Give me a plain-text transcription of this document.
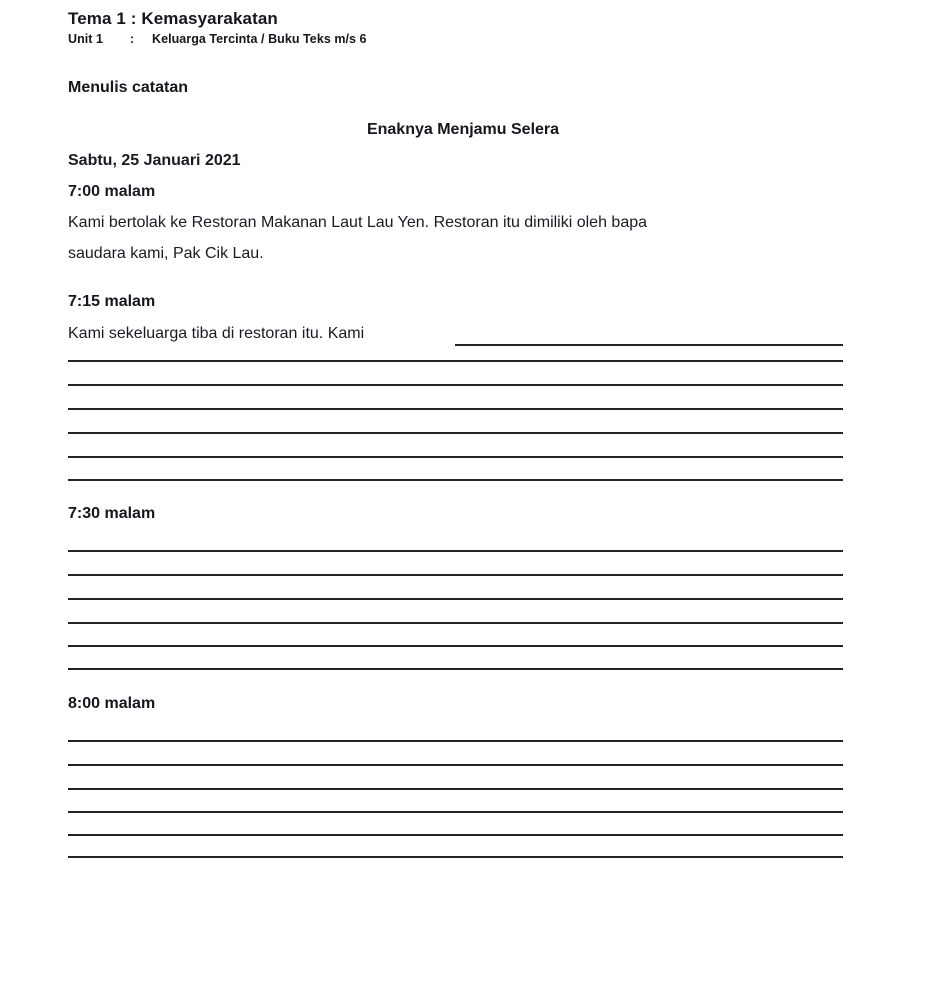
Tema 1 : Kemasyarakatan
Unit 1 : Keluarga Tercinta / Buku Teks m/s 6
Menulis catatan
Enaknya Menjamu Selera
Sabtu, 25 Januari 2021
7:00 malam
Kami bertolak ke Restoran Makanan Laut Lau Yen. Restoran itu dimiliki oleh bapa
saudara kami, Pak Cik Lau.
7:15 malam
Kami sekeluarga tiba di restoran itu. Kami
7:30 malam
8:00 malam
